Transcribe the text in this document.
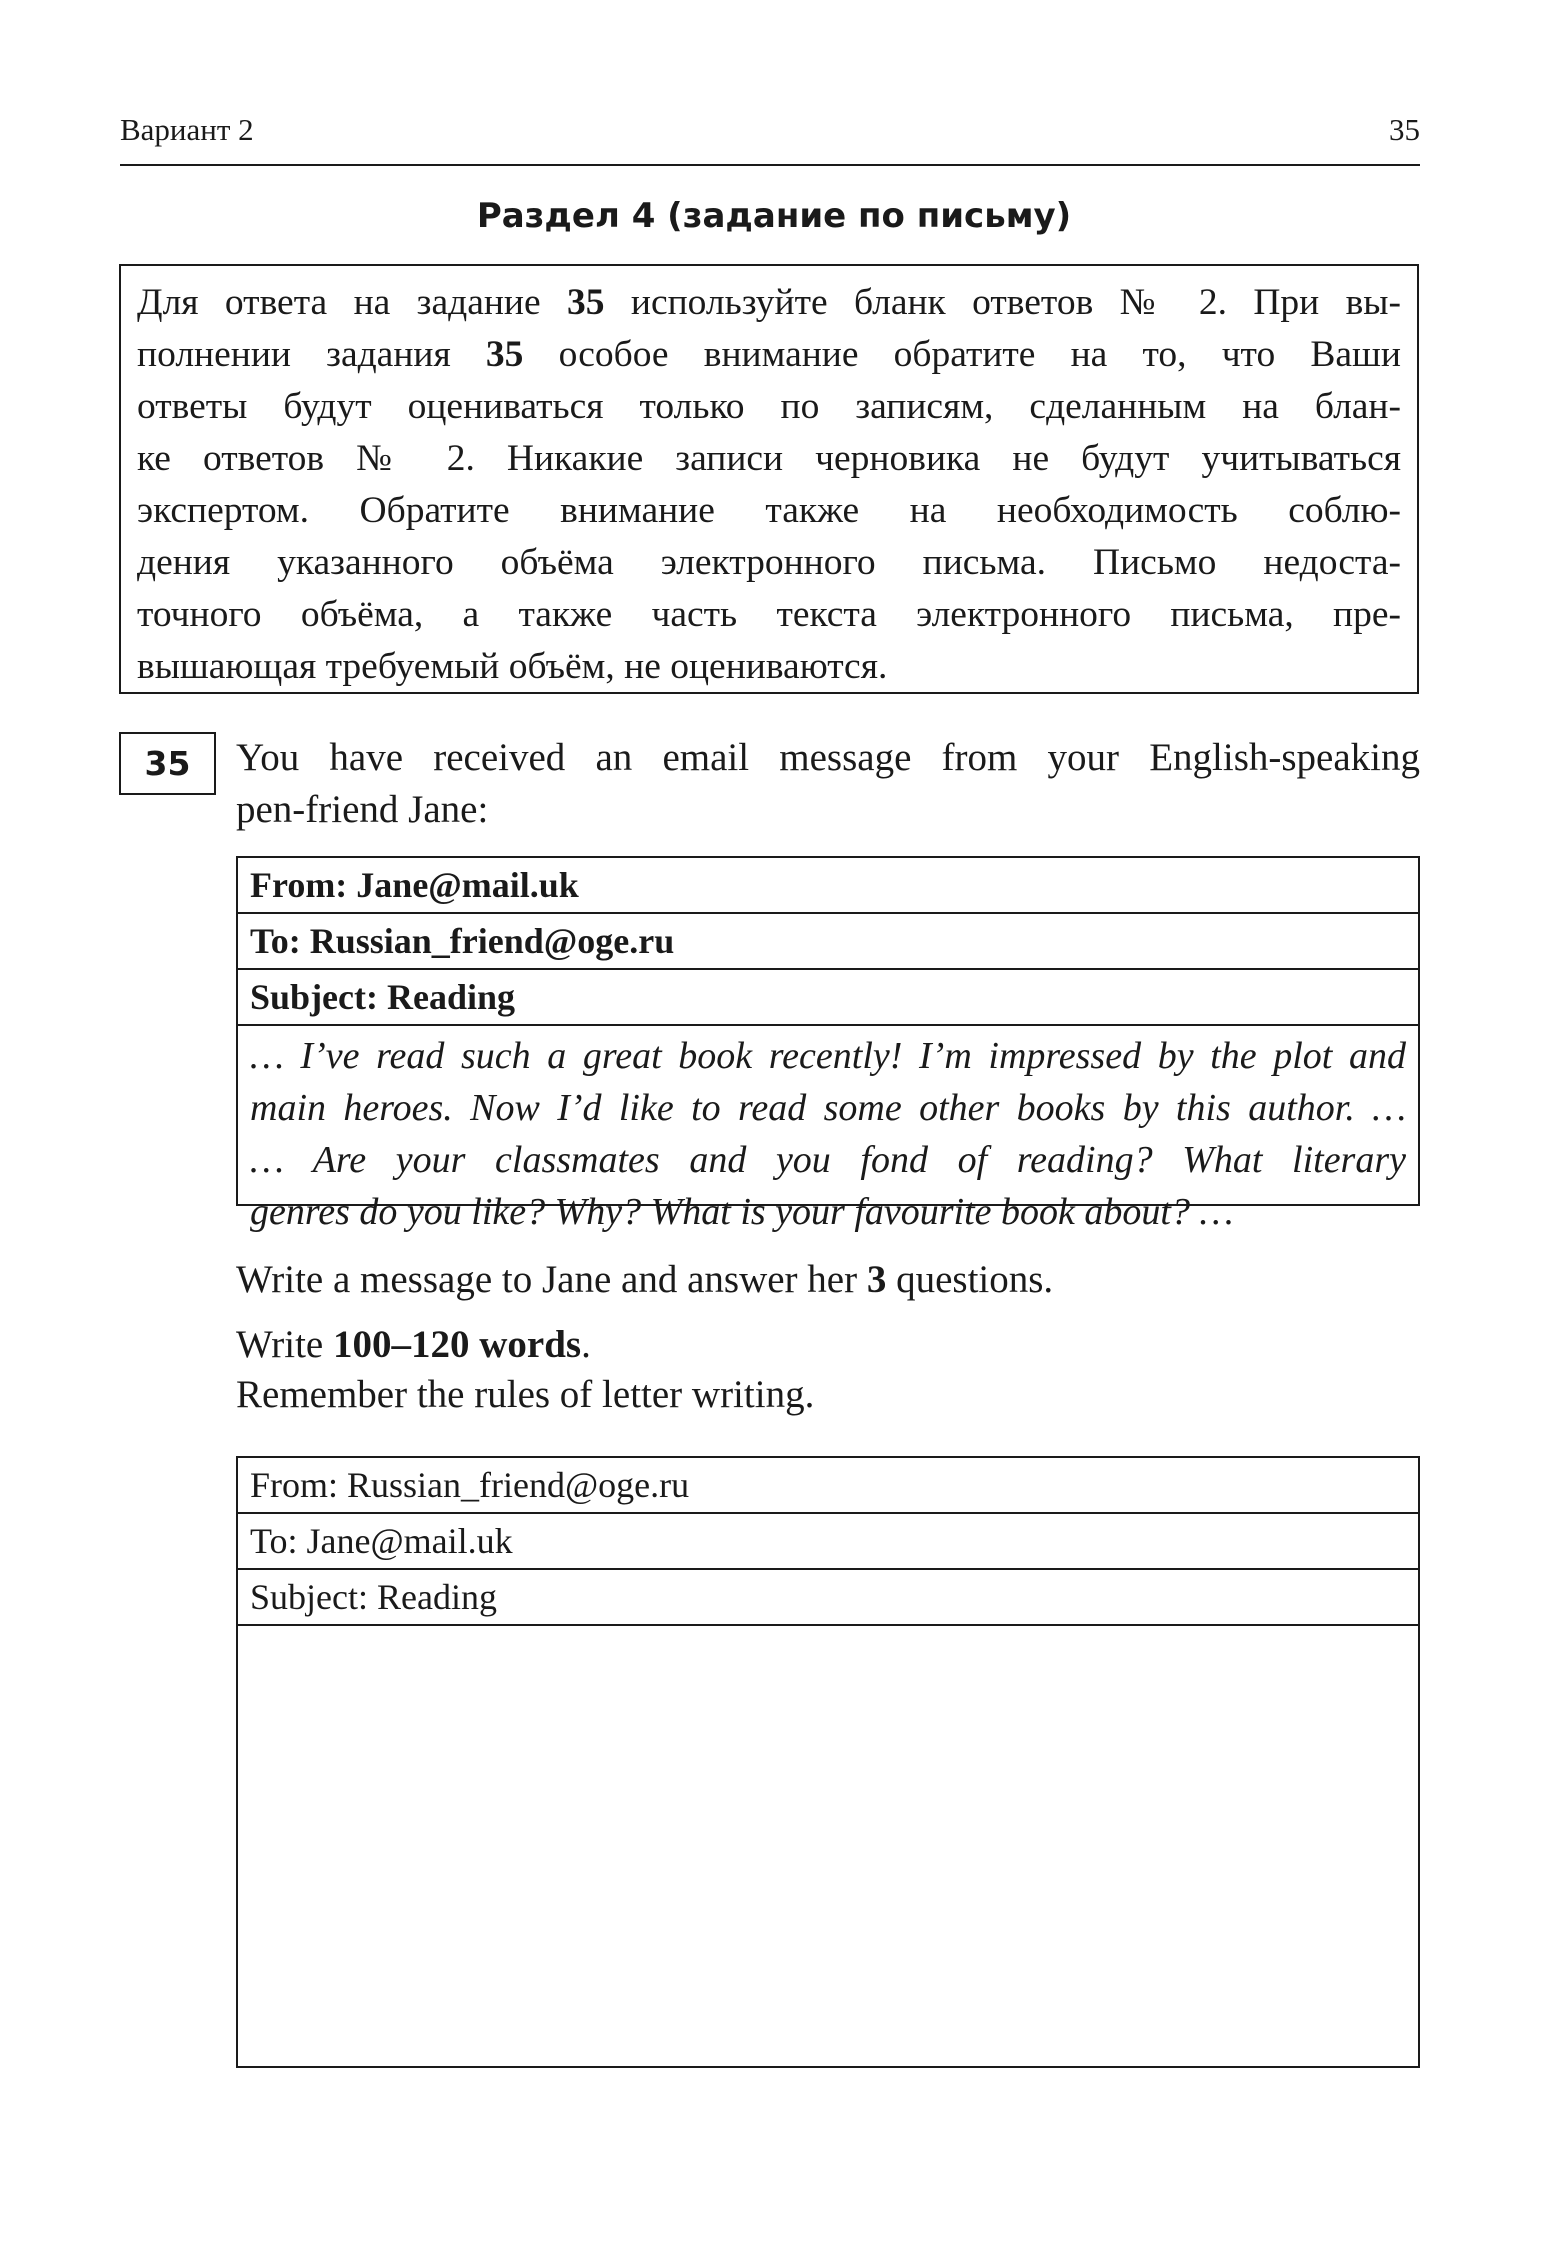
Вариант 2	35
Раздел 4 (задание по письму)
Для ответа на задание 35 используйте бланк ответов № 2. При вы-
полнении задания 35 особое внимание обратите на то, что Ваши
ответы будут оцениваться только по записям, сделанным на блан-
ке ответов № 2. Никакие записи черновика не будут учитываться
экспертом. Обратите внимание также на необходимость соблю-
дения указанного объёма электронного письма. Письмо недоста-
точного объёма, а также часть текста электронного письма, пре-
вышающая требуемый объём, не оцениваются.
35	You have received an email message from your English-speaking
pen-friend Jane:
From: Jane@mail.uk
To: Russian_friend@oge.ru
Subject: Reading
… I’ve read such a great book recently! I’m impressed by the plot and
main heroes. Now I’d like to read some other books by this author. …
… Are your classmates and you fond of reading? What literary
genres do you like? Why? What is your favourite book about? …
Write a message to Jane and answer her 3 questions.
Write 100–120 words.
Remember the rules of letter writing.
From: Russian_friend@oge.ru
To: Jane@mail.uk
Subject: Reading
